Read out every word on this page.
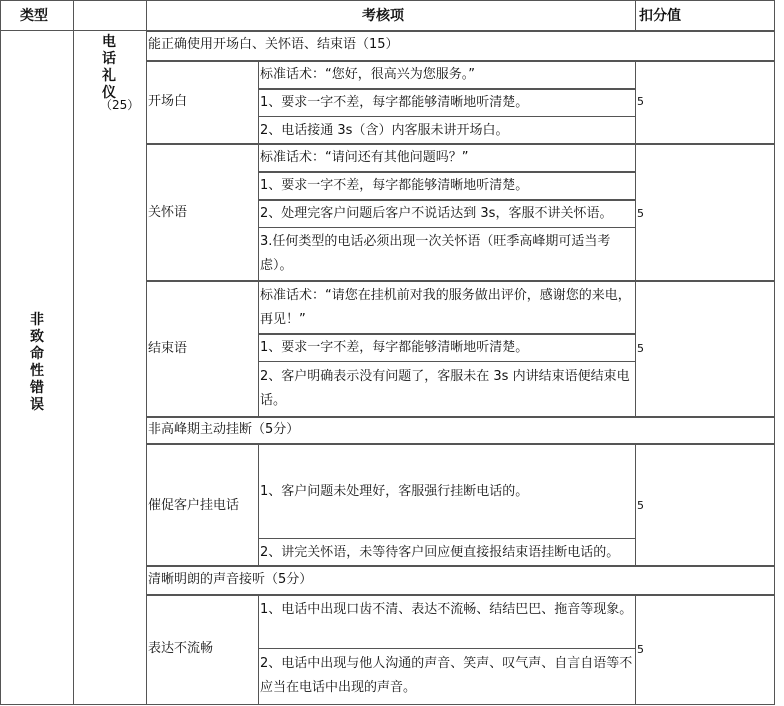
类型	考核项	扣分值
非致命性错误
电话礼仪
（25）
能正确使用开场白、关怀语、结束语（15）
开场白
标准话术：“您好，很高兴为您服务。”
1、要求一字不差，每字都能够清晰地听清楚。
2、电话接通 3s（含）内客服未讲开场白。
5
关怀语
标准话术：“请问还有其他问题吗？”
1、要求一字不差，每字都能够清晰地听清楚。
2、处理完客户问题后客户不说话达到 3s，客服不讲关怀语。
3.任何类型的电话必须出现一次关怀语（旺季高峰期可适当考虑）。
5
结束语
标准话术：“请您在挂机前对我的服务做出评价，感谢您的来电，再见！”
1、要求一字不差，每字都能够清晰地听清楚。
2、客户明确表示没有问题了，客服未在 3s 内讲结束语便结束电话。
5
非高峰期主动挂断（5分）
催促客户挂电话
1、客户问题未处理好，客服强行挂断电话的。
2、讲完关怀语，未等待客户回应便直接报结束语挂断电话的。
5
清晰明朗的声音接听（5分）
表达不流畅
1、电话中出现口齿不清、表达不流畅、结结巴巴、拖音等现象。
2、电话中出现与他人沟通的声音、笑声、叹气声、自言自语等不应当在电话中出现的声音。
5
